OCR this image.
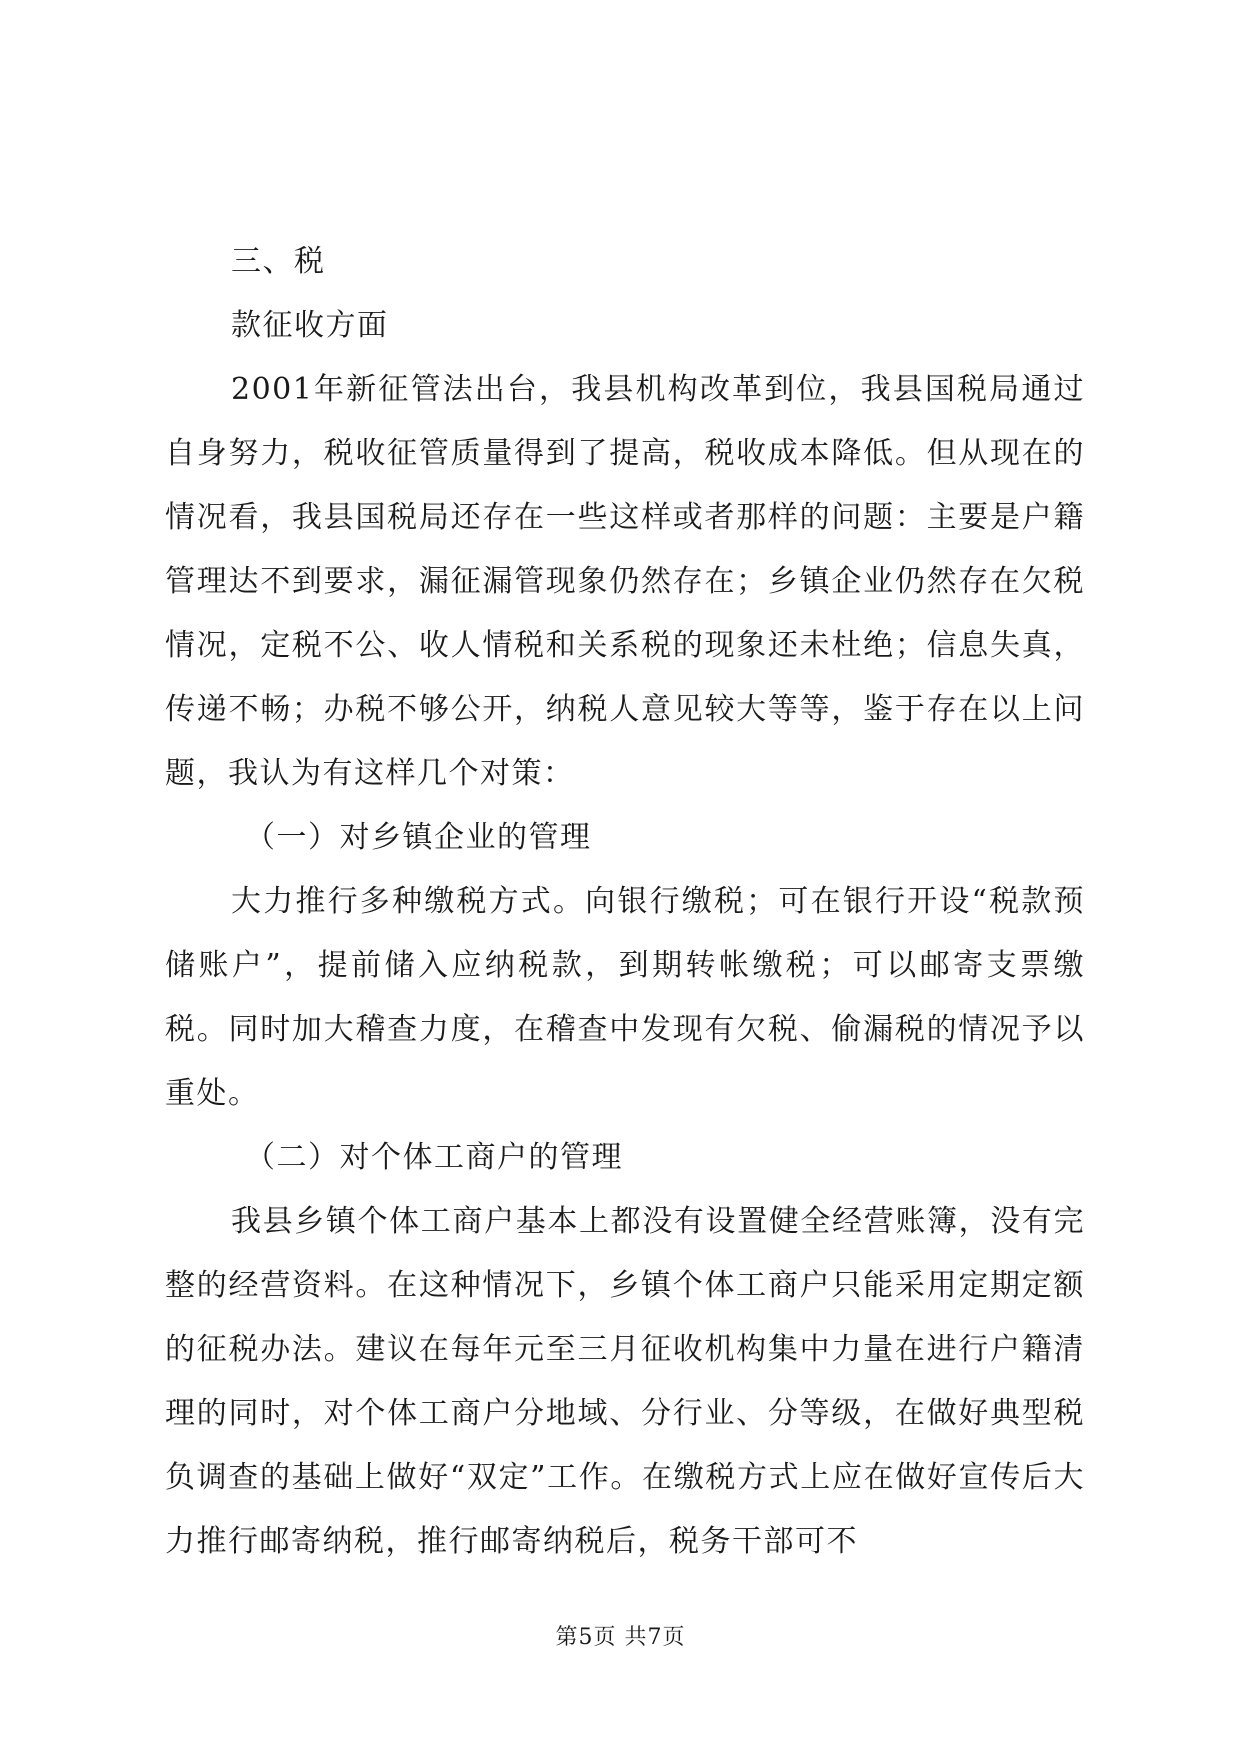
三、税

款征收方面

2001年新征管法出台，我县机构改革到位，我县国税局通过自身努力，税收征管质量得到了提高，税收成本降低。但从现在的情况看，我县国税局还存在一些这样或者那样的问题：主要是户籍管理达不到要求，漏征漏管现象仍然存在；乡镇企业仍然存在欠税情况，定税不公、收人情税和关系税的现象还未杜绝；信息失真，传递不畅；办税不够公开，纳税人意见较大等等，鉴于存在以上问题，我认为有这样几个对策：

（一）对乡镇企业的管理

大力推行多种缴税方式。向银行缴税；可在银行开设“税款预储账户”，提前储入应纳税款，到期转帐缴税；可以邮寄支票缴税。同时加大稽查力度，在稽查中发现有欠税、偷漏税的情况予以重处。

（二）对个体工商户的管理

我县乡镇个体工商户基本上都没有设置健全经营账簿，没有完整的经营资料。在这种情况下，乡镇个体工商户只能采用定期定额的征税办法。建议在每年元至三月征收机构集中力量在进行户籍清理的同时，对个体工商户分地域、分行业、分等级，在做好典型税负调查的基础上做好“双定”工作。在缴税方式上应在做好宣传后大力推行邮寄纳税，推行邮寄纳税后，税务干部可不

第5页 共7页
